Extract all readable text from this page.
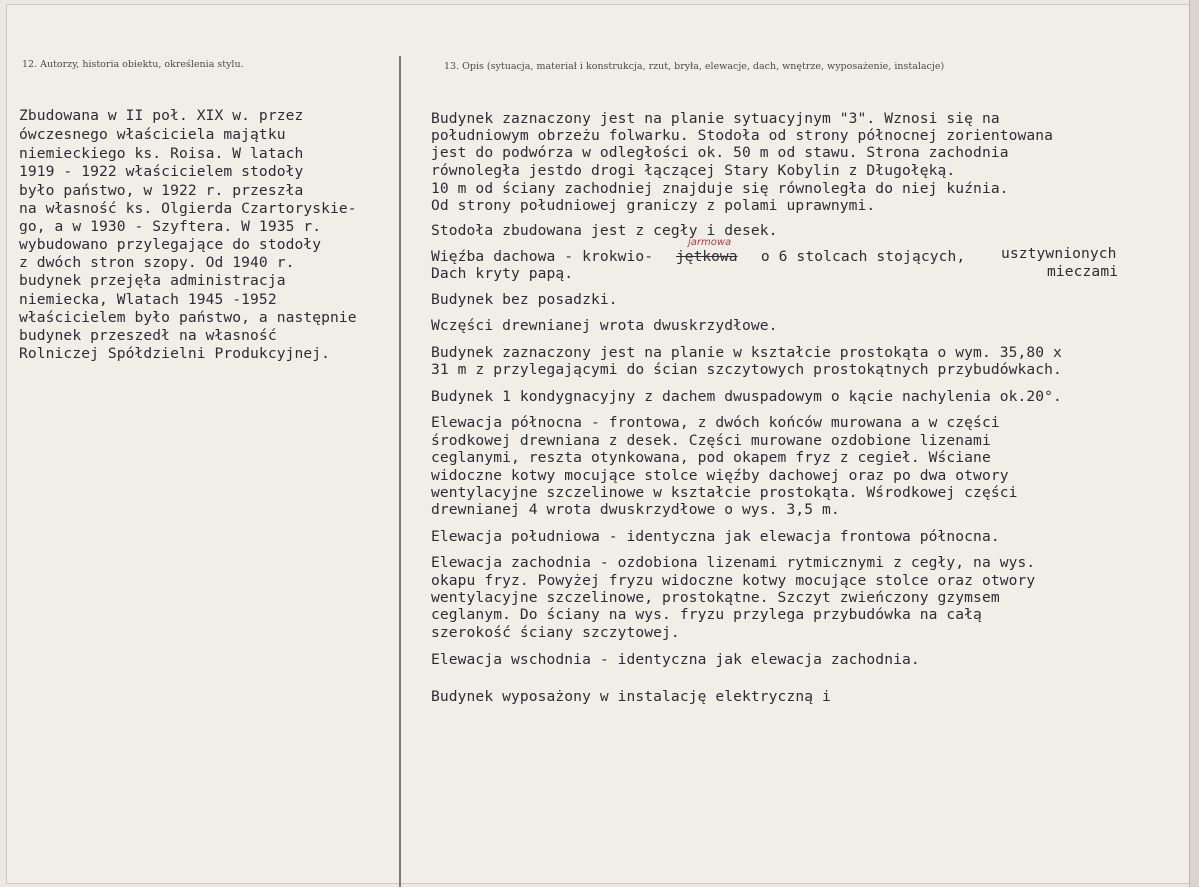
12. Autorzy, historia obiektu, określenia stylu.	13. Opis (sytuacja, materiał i konstrukcja, rzut, bryła, elewacje, dach, wnętrze, wyposażenie, instalacje)
Zbudowana w II poł. XIX w. przez
ówczesnego właściciela majątku
niemieckiego ks. Roisa. W latach
1919 - 1922 właścicielem stodoły
było państwo, w 1922 r. przeszła
na własność ks. Olgierda Czartoryskie-
go, a w 1930 - Szyftera. W 1935 r.
wybudowano przylegające do stodoły
z dwóch stron szopy. Od 1940 r.
budynek przejęła administracja
niemiecka, Wlatach 1945 -1952
właścicielem było państwo, a następnie
budynek przeszedł na własność
Rolniczej Spółdzielni Produkcyjnej.
Budynek zaznaczony jest na planie sytuacyjnym "3". Wznosi się na
południowym obrzeżu folwarku. Stodoła od strony północnej zorientowana
jest do podwórza w odległości ok. 50 m od stawu. Strona zachodnia
równoległa jestdo drogi łączącej Stary Kobylin z Długołęką.
10 m od ściany zachodniej znajduje się równoległa do niej kuźnia.
Od strony południowej graniczy z polami uprawnymi.
Stodoła zbudowana jest z cegły i desek.
Więźba dachowa - krokwio- jętkowa o 6 stolcach stojących,
jarmowa
usztywnionych
mieczami
Dach kryty papą.
Budynek bez posadzki.
Wczęści drewnianej wrota dwuskrzydłowe.
Budynek zaznaczony jest na planie w kształcie prostokąta o wym. 35,80 x
31 m z przylegającymi do ścian szczytowych prostokątnych przybudówkach.
Budynek 1 kondygnacyjny z dachem dwuspadowym o kącie nachylenia ok.20°.
Elewacja północna - frontowa, z dwóch końców murowana a w części
środkowej drewniana z desek. Części murowane ozdobione lizenami
ceglanymi, reszta otynkowana, pod okapem fryz z cegieł. Wściane
widoczne kotwy mocujące stolce więźby dachowej oraz po dwa otwory
wentylacyjne szczelinowe w kształcie prostokąta. Wśrodkowej części
drewnianej 4 wrota dwuskrzydłowe o wys. 3,5 m.
Elewacja południowa - identyczna jak elewacja frontowa północna.
Elewacja zachodnia - ozdobiona lizenami rytmicznymi z cegły, na wys.
okapu fryz. Powyżej fryzu widoczne kotwy mocujące stolce oraz otwory
wentylacyjne szczelinowe, prostokątne. Szczyt zwieńczony gzymsem
ceglanym. Do ściany na wys. fryzu przylega przybudówka na całą
szerokość ściany szczytowej.
Elewacja wschodnia - identyczna jak elewacja zachodnia.
Budynek wyposażony w instalację elektryczną i
